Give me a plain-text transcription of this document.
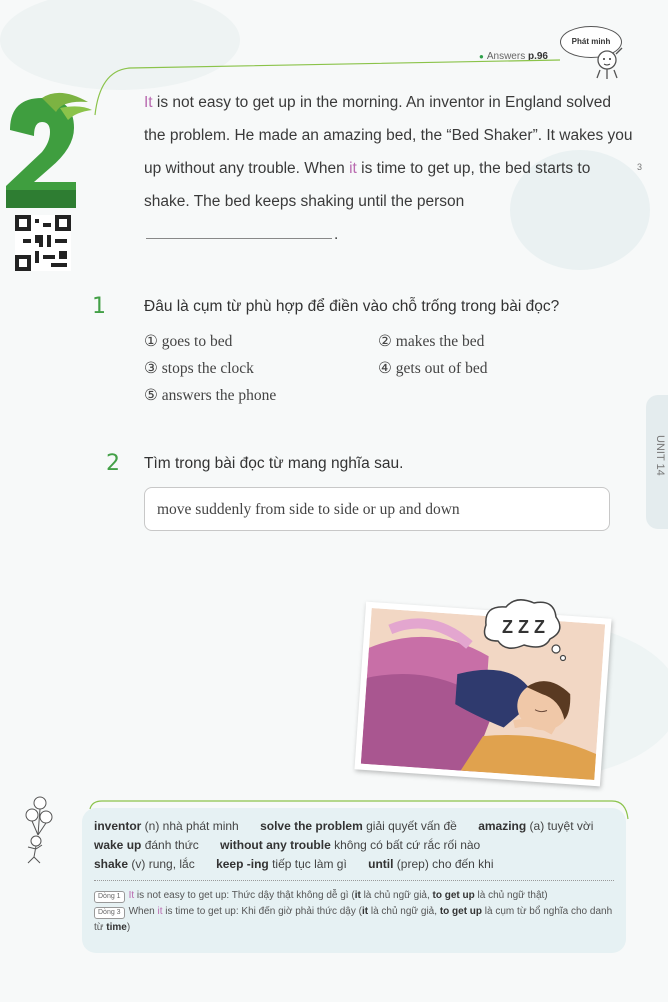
● Answers p.96
Phát minh
2
It is not easy to get up in the morning. An inventor in England solved the problem. He made an amazing bed, the “Bed Shaker”. It wakes you up without any trouble. When it is time to get up, the bed starts to shake. The bed keeps shaking until the person .
3
1 Đâu là cụm từ phù hợp để điền vào chỗ trống trong bài đọc?
① goes to bed	② makes the bed
③ stops the clock	④ gets out of bed
⑤ answers the phone
2 Tìm trong bài đọc từ mang nghĩa sau.
move suddenly from side to side or up and down
UNIT 14
Z Z Z
inventor (n) nhà phát minh solve the problem giải quyết vấn đề amazing (a) tuyệt vời
wake up đánh thức without any trouble không có bất cứ rắc rối nào
shake (v) rung, lắc keep -ing tiếp tục làm gì until (prep) cho đến khi
Dòng 1 It is not easy to get up: Thức dậy thật không dễ gì (it là chủ ngữ giả, to get up là chủ ngữ thật)
Dòng 3 When it is time to get up: Khi đến giờ phải thức dậy (it là chủ ngữ giả, to get up là cụm từ bổ nghĩa cho danh từ time)
